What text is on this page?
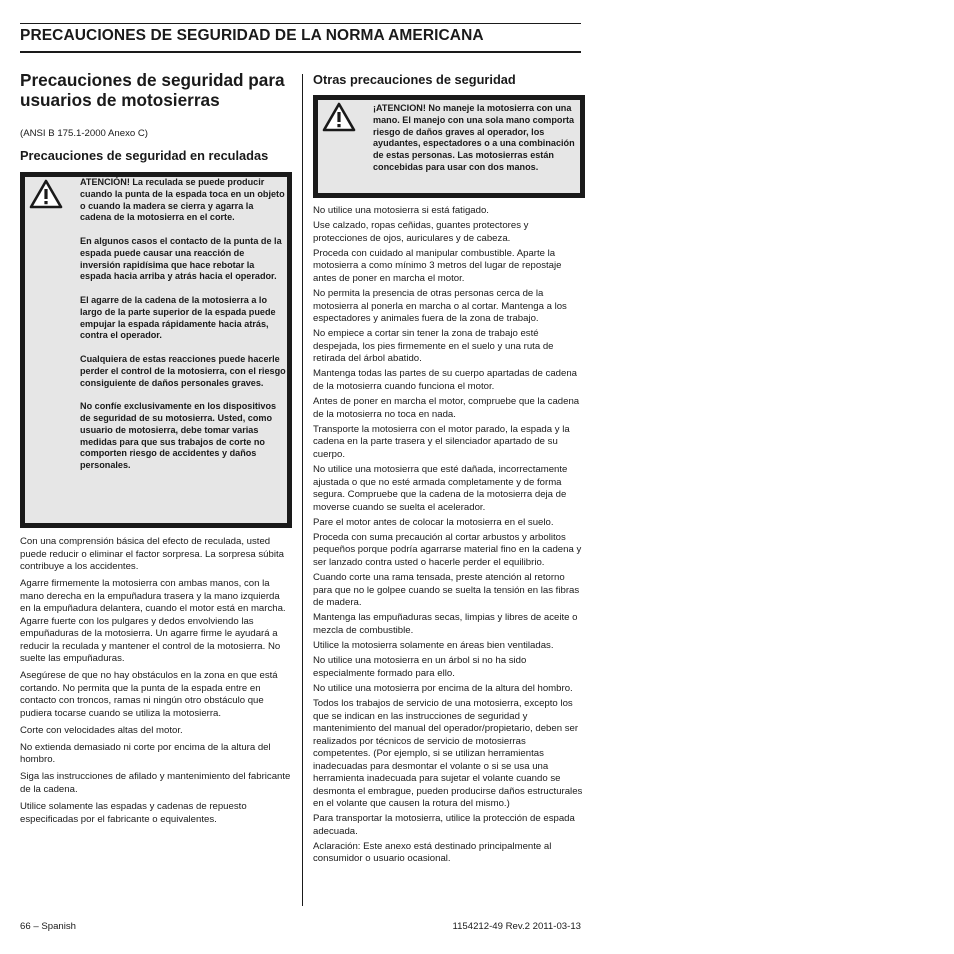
PRECAUCIONES DE SEGURIDAD DE LA NORMA AMERICANA
Precauciones de seguridad para usuarios de motosierras
(ANSI B 175.1-2000 Anexo C)
Precauciones de seguridad en reculadas

ATENCIÓN! La reculada se puede producir cuando la punta de la espada toca en un objeto o cuando la madera se cierra y agarra la cadena de la motosierra en el corte.

En algunos casos el contacto de la punta de la espada puede causar una reacción de inversión rapidísima que hace rebotar la espada hacia arriba y atrás hacia el operador.

El agarre de la cadena de la motosierra a lo largo de la parte superior de la espada puede empujar la espada rápidamente hacia atrás, contra el operador.

Cualquiera de estas reacciones puede hacerle perder el control de la motosierra, con el riesgo consiguiente de daños personales graves.

No confíe exclusivamente en los dispositivos de seguridad de su motosierra. Usted, como usuario de motosierra, debe tomar varias medidas para que sus trabajos de corte no comporten riesgo de accidentes y daños personales.

Con una comprensión básica del efecto de reculada, usted puede reducir o eliminar el factor sorpresa. La sorpresa súbita contribuye a los accidentes.

Agarre firmemente la motosierra con ambas manos, con la mano derecha en la empuñadura trasera y la mano izquierda en la empuñadura delantera, cuando el motor está en marcha. Agarre fuerte con los pulgares y dedos envolviendo las empuñaduras de la motosierra. Un agarre firme le ayudará a reducir la reculada y mantener el control de la motosierra. No suelte las empuñaduras.

Asegúrese de que no hay obstáculos en la zona en que está cortando. No permita que la punta de la espada entre en contacto con troncos, ramas ni ningún otro obstáculo que pudiera tocarse cuando se utiliza la motosierra.

Corte con velocidades altas del motor.

No extienda demasiado ni corte por encima de la altura del hombro.

Siga las instrucciones de afilado y mantenimiento del fabricante de la cadena.

Utilice solamente las espadas y cadenas de repuesto especificadas por el fabricante o equivalentes.

Otras precauciones de seguridad
¡ATENCION! No maneje la motosierra con una mano. El manejo con una sola mano comporta riesgo de daños graves al operador, los ayudantes, espectadores o a una combinación de estas personas. Las motosierras están concebidas para usar con dos manos.

No utilice una motosierra si está fatigado.

Use calzado, ropas ceñidas, guantes protectores y protecciones de ojos, auriculares y de cabeza.

Proceda con cuidado al manipular combustible. Aparte la motosierra a como mínimo 3 metros del lugar de repostaje antes de poner en marcha el motor.

No permita la presencia de otras personas cerca de la motosierra al ponerla en marcha o al cortar. Mantenga a los espectadores y animales fuera de la zona de trabajo.

No empiece a cortar sin tener la zona de trabajo esté despejada, los pies firmemente en el suelo y una ruta de retirada del árbol abatido.

Mantenga todas las partes de su cuerpo apartadas de cadena de la motosierra cuando funciona el motor.

Antes de poner en marcha el motor, compruebe que la cadena de la motosierra no toca en nada.

Transporte la motosierra con el motor parado, la espada y la cadena en la parte trasera y el silenciador apartado de su cuerpo.

No utilice una motosierra que esté dañada, incorrectamente ajustada o que no esté armada completamente y de forma segura. Compruebe que la cadena de la motosierra deja de moverse cuando se suelta el acelerador.

Pare el motor antes de colocar la motosierra en el suelo.

Proceda con suma precaución al cortar arbustos y arbolitos pequeños porque podría agarrarse material fino en la cadena y ser lanzado contra usted o hacerle perder el equilibrio.

Cuando corte una rama tensada, preste atención al retorno para que no le golpee cuando se suelta la tensión en las fibras de madera.

Mantenga las empuñaduras secas, limpias y libres de aceite o mezcla de combustible.

Utilice la motosierra solamente en áreas bien ventiladas.

No utilice una motosierra en un árbol si no ha sido especialmente formado para ello.

No utilice una motosierra por encima de la altura del hombro.

Todos los trabajos de servicio de una motosierra, excepto los que se indican en las instrucciones de seguridad y mantenimiento del manual del operador/propietario, deben ser realizados por técnicos de servicio de motosierras competentes. (Por ejemplo, si se utilizan herramientas inadecuadas para desmontar el volante o si se usa una herramienta inadecuada para sujetar el volante cuando se desmonta el embrague, pueden producirse daños estructurales en el volante que causen la rotura del mismo.)

Para transportar la motosierra, utilice la protección de espada adecuada.

Aclaración: Este anexo está destinado principalmente al consumidor o usuario ocasional.

66 – Spanish	1154212-49 Rev.2 2011-03-13
